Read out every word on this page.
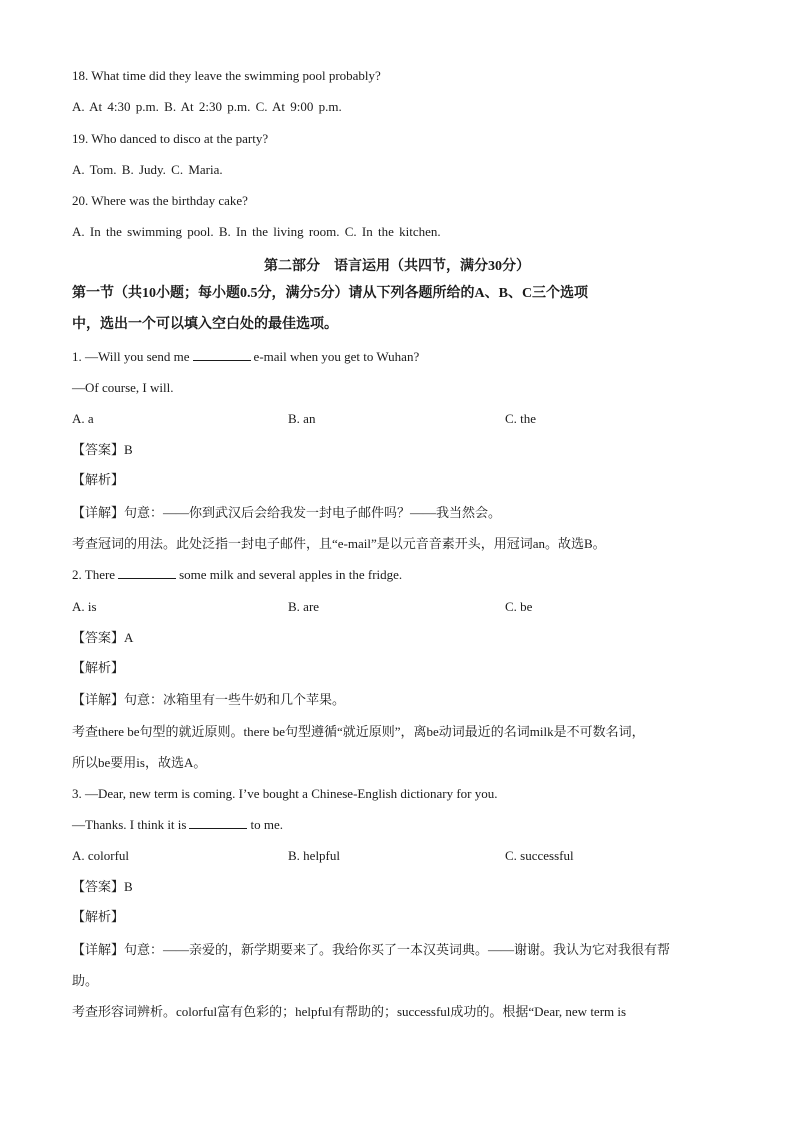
18. What time did they leave the swimming pool probably?
A. At 4:30 p.m. B. At 2:30 p.m. C. At 9:00 p.m.
19. Who danced to disco at the party?
A. Tom. B. Judy. C. Maria.
20. Where was the birthday cake?
A. In the swimming pool. B. In the living room. C. In the kitchen.
第二部分　语言运用（共四节，满分30分）
第一节（共10小题；每小题0.5分，满分5分）请从下列各题所给的A、B、C三个选项
中，选出一个可以填入空白处的最佳选项。
1. —Will you send me	e-mail when you get to Wuhan?
—Of course, I will.
A. a	B. an	C. the
【答案】B
【解析】
【详解】句意：——你到武汉后会给我发一封电子邮件吗？——我当然会。
考查冠词的用法。此处泛指一封电子邮件，且“e-mail”是以元音音素开头，用冠词an。故选B。
2. There	some milk and several apples in the fridge.
A. is	B. are	C. be
【答案】A
【解析】
【详解】句意：冰箱里有一些牛奶和几个苹果。
考查there be句型的就近原则。there be句型遵循“就近原则”，离be动词最近的名词milk是不可数名词，
所以be要用is，故选A。
3. —Dear, new term is coming. I’ve bought a Chinese-English dictionary for you.
—Thanks. I think it is	to me.
A. colorful	B. helpful	C. successful
【答案】B
【解析】
【详解】句意：——亲爱的，新学期要来了。我给你买了一本汉英词典。——谢谢。我认为它对我很有帮
助。
考查形容词辨析。colorful富有色彩的；helpful有帮助的；successful成功的。根据“Dear, new term is
